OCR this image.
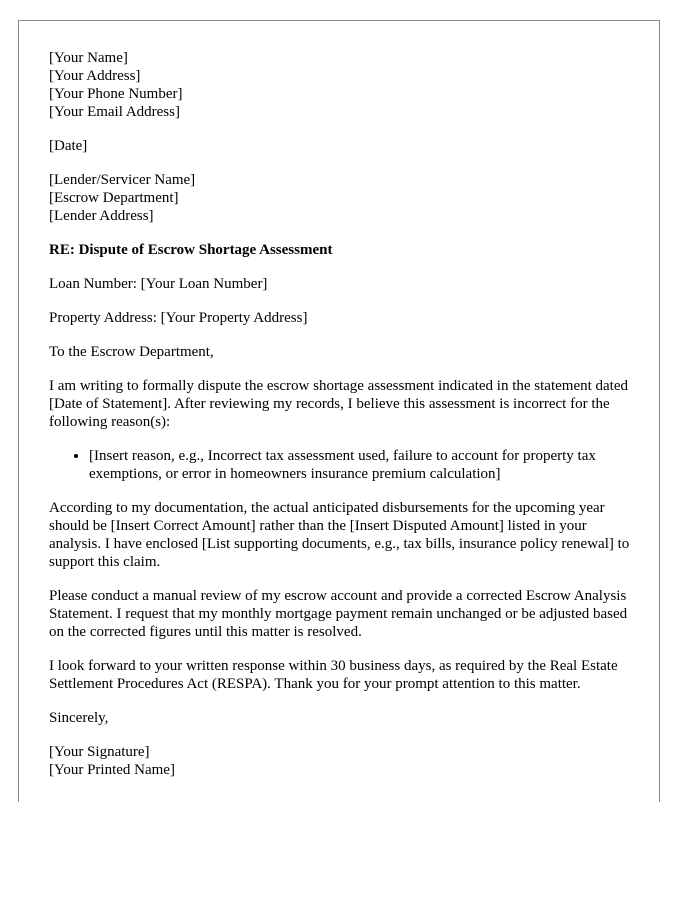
[Your Name]
[Your Address]
[Your Phone Number]
[Your Email Address]
[Date]
[Lender/Servicer Name]
[Escrow Department]
[Lender Address]

RE: Dispute of Escrow Shortage Assessment

Loan Number: [Your Loan Number]

Property Address: [Your Property Address]

To the Escrow Department,

I am writing to formally dispute the escrow shortage assessment indicated in the statement dated [Date of Statement]. After reviewing my records, I believe this assessment is incorrect for the following reason(s):

• [Insert reason, e.g., Incorrect tax assessment used, failure to account for property tax exemptions, or error in homeowners insurance premium calculation]

According to my documentation, the actual anticipated disbursements for the upcoming year should be [Insert Correct Amount] rather than the [Insert Disputed Amount] listed in your analysis. I have enclosed [List supporting documents, e.g., tax bills, insurance policy renewal] to support this claim.

Please conduct a manual review of my escrow account and provide a corrected Escrow Analysis Statement. I request that my monthly mortgage payment remain unchanged or be adjusted based on the corrected figures until this matter is resolved.

I look forward to your written response within 30 business days, as required by the Real Estate Settlement Procedures Act (RESPA). Thank you for your prompt attention to this matter.

Sincerely,

[Your Signature]
[Your Printed Name]
